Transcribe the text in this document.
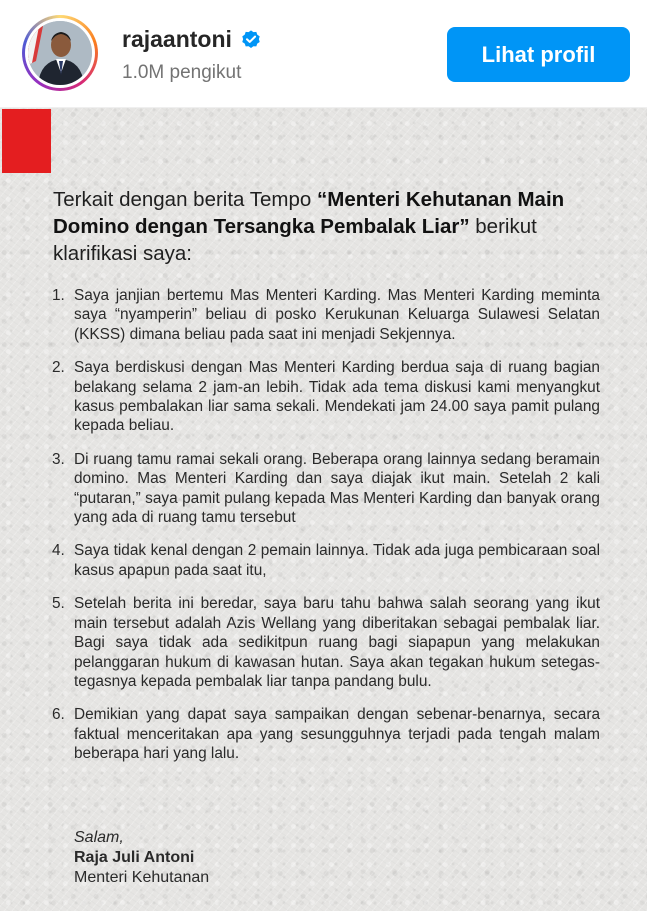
rajaantoni
1.0M pengikut
Lihat profil
Terkait dengan berita Tempo “Menteri Kehutanan Main Domino dengan Tersangka Pembalak Liar” berikut klarifikasi saya:
1. Saya janjian bertemu Mas Menteri Karding. Mas Menteri Karding meminta saya “nyamperin” beliau di posko Kerukunan Keluarga Sulawesi Selatan (KKSS) dimana beliau pada saat ini menjadi Sekjennya.
2. Saya berdiskusi dengan Mas Menteri Karding berdua saja di ruang bagian belakang selama 2 jam-an lebih. Tidak ada tema diskusi kami menyangkut kasus pembalakan liar sama sekali. Mendekati jam 24.00 saya pamit pulang kepada beliau.
3. Di ruang tamu ramai sekali orang. Beberapa orang lainnya sedang beramain domino. Mas Menteri Karding dan saya diajak ikut main. Setelah 2 kali “putaran,” saya pamit pulang kepada Mas Menteri Karding dan banyak orang yang ada di ruang tamu tersebut
4. Saya tidak kenal dengan 2 pemain lainnya. Tidak ada juga pembicaraan soal kasus apapun pada saat itu,
5. Setelah berita ini beredar, saya baru tahu bahwa salah seorang yang ikut main tersebut adalah Azis Wellang yang diberitakan sebagai pembalak liar. Bagi saya tidak ada sedikitpun ruang bagi siapapun yang melakukan pelanggaran hukum di kawasan hutan. Saya akan tegakan hukum setegas-tegasnya kepada pembalak liar tanpa pandang bulu.
6. Demikian yang dapat saya sampaikan dengan sebenar-benarnya, secara faktual menceritakan apa yang sesungguhnya terjadi pada tengah malam beberapa hari yang lalu.
Salam,
Raja Juli Antoni
Menteri Kehutanan
